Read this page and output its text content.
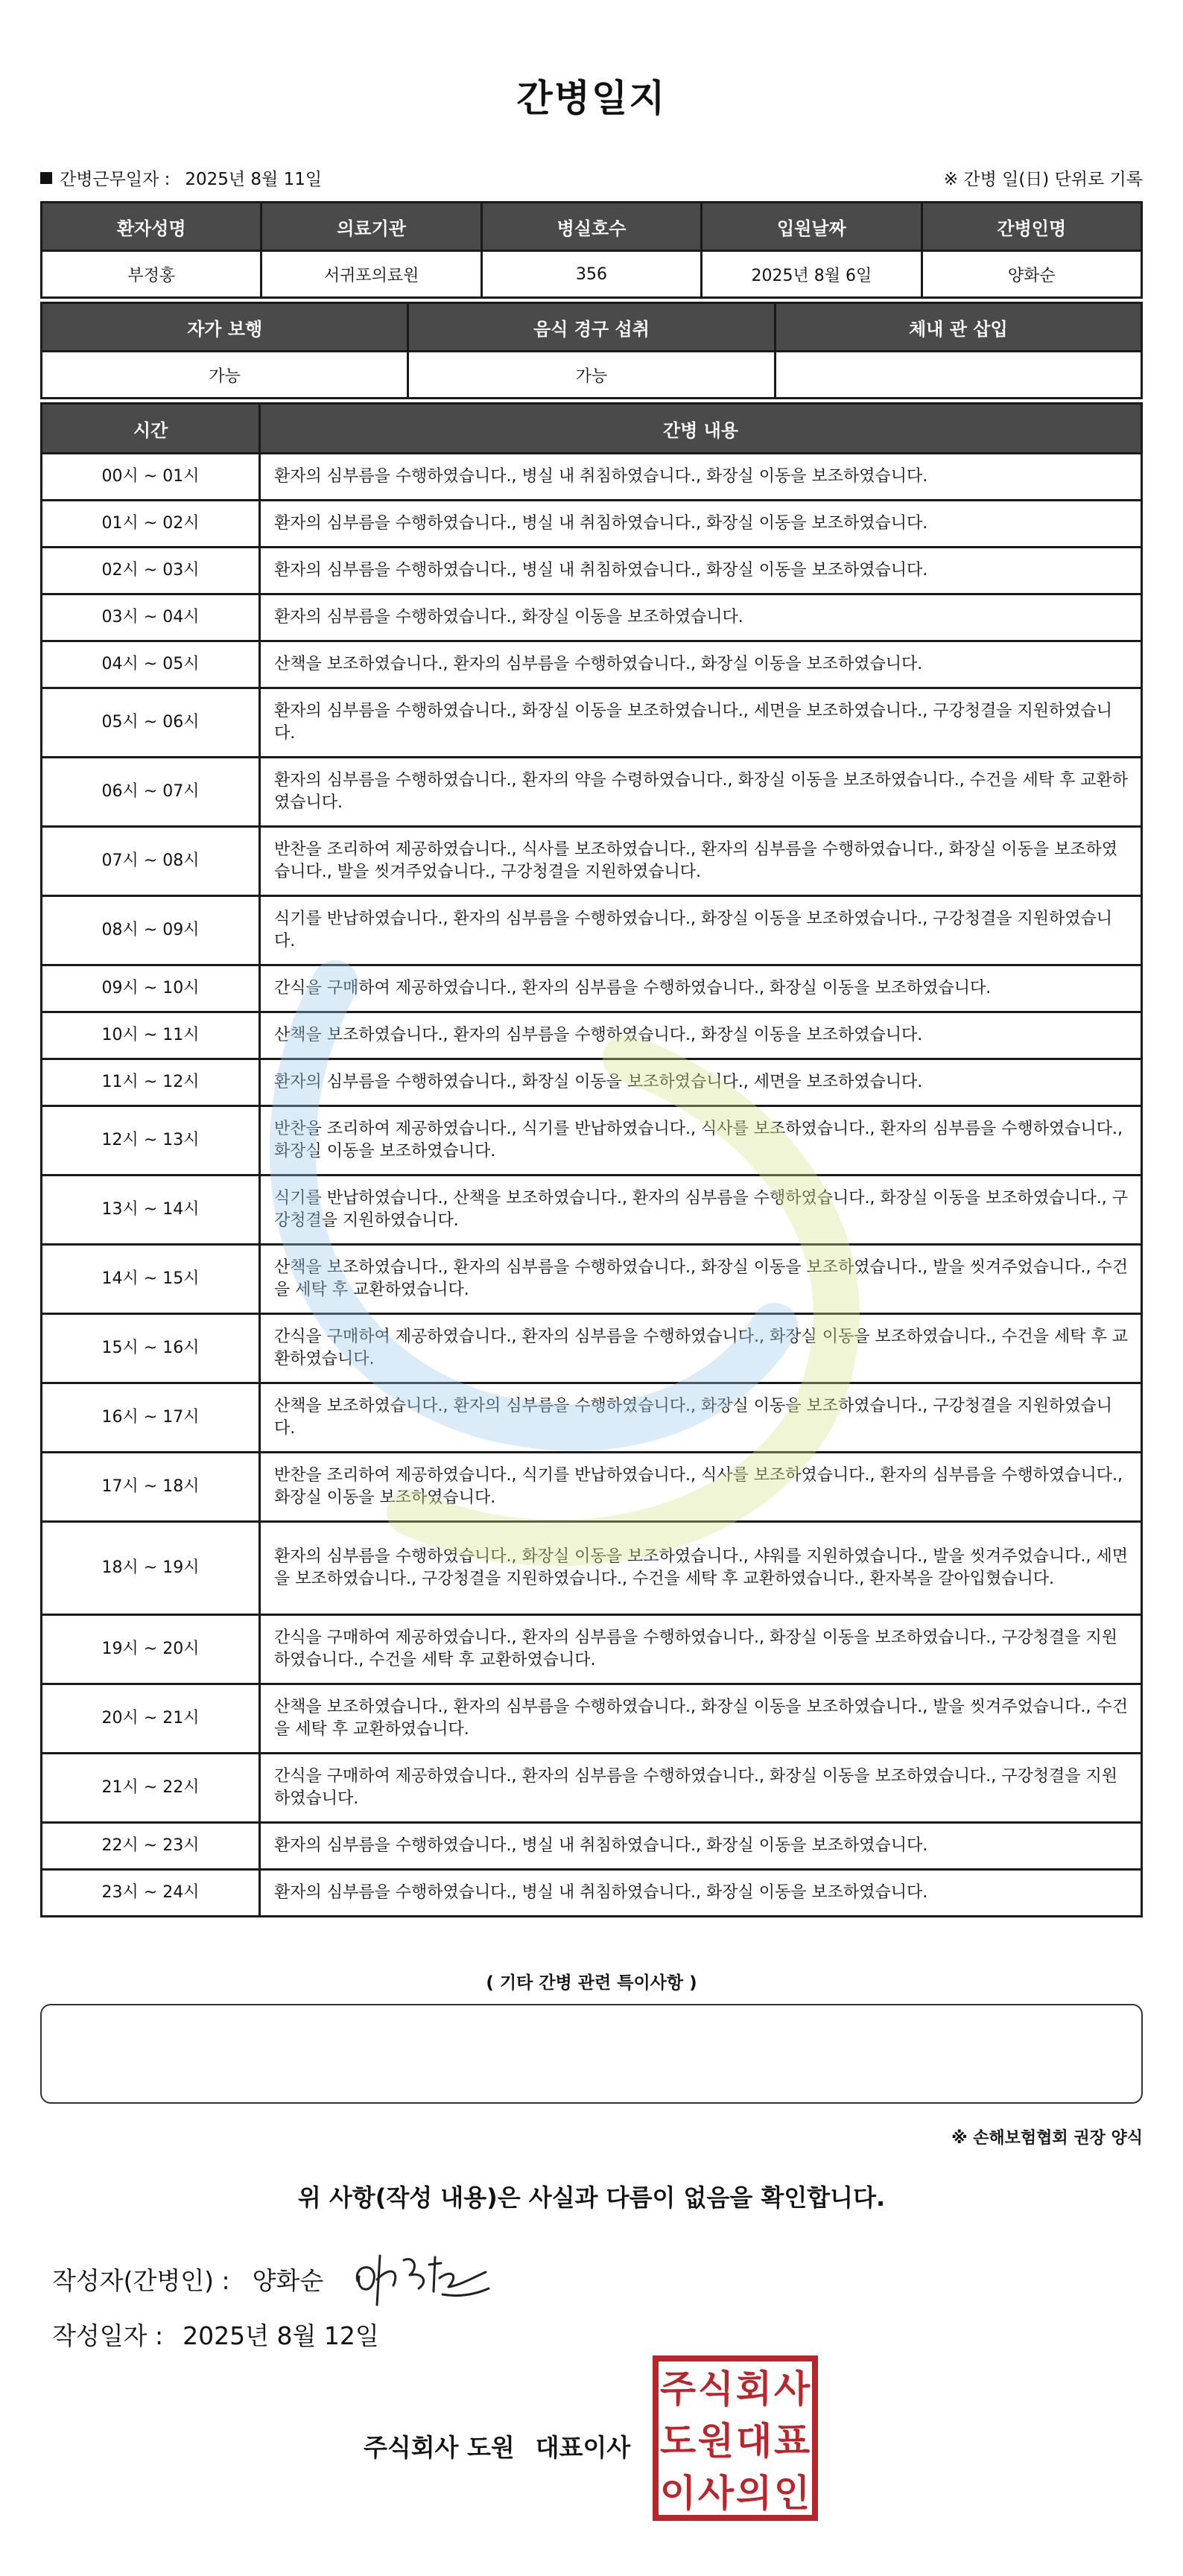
간병일지
간병근무일자 : 2025년 8월 11일	※ 간병 일(日) 단위로 기록
환자성명	의료기관	병실호수	입원날짜	간병인명
부정홍	서귀포의료원	356	2025년 8월 6일	양화순
자가 보행	음식 경구 섭취	체내 관 삽입
가능	가능	
시간	간병 내용
00시 ~ 01시	환자의 심부름을 수행하였습니다., 병실 내 취침하였습니다., 화장실 이동을 보조하였습니다.
01시 ~ 02시	환자의 심부름을 수행하였습니다., 병실 내 취침하였습니다., 화장실 이동을 보조하였습니다.
02시 ~ 03시	환자의 심부름을 수행하였습니다., 병실 내 취침하였습니다., 화장실 이동을 보조하였습니다.
03시 ~ 04시	환자의 심부름을 수행하였습니다., 화장실 이동을 보조하였습니다.
04시 ~ 05시	산책을 보조하였습니다., 환자의 심부름을 수행하였습니다., 화장실 이동을 보조하였습니다.
05시 ~ 06시	환자의 심부름을 수행하였습니다., 화장실 이동을 보조하였습니다., 세면을 보조하였습니다., 구강청결을 지원하였습니다.
06시 ~ 07시	환자의 심부름을 수행하였습니다., 환자의 약을 수령하였습니다., 화장실 이동을 보조하였습니다., 수건을 세탁 후 교환하였습니다.
07시 ~ 08시	반찬을 조리하여 제공하였습니다., 식사를 보조하였습니다., 환자의 심부름을 수행하였습니다., 화장실 이동을 보조하였습니다., 발을 씻겨주었습니다., 구강청결을 지원하였습니다.
08시 ~ 09시	식기를 반납하였습니다., 환자의 심부름을 수행하였습니다., 화장실 이동을 보조하였습니다., 구강청결을 지원하였습니다.
09시 ~ 10시	간식을 구매하여 제공하였습니다., 환자의 심부름을 수행하였습니다., 화장실 이동을 보조하였습니다.
10시 ~ 11시	산책을 보조하였습니다., 환자의 심부름을 수행하였습니다., 화장실 이동을 보조하였습니다.
11시 ~ 12시	환자의 심부름을 수행하였습니다., 화장실 이동을 보조하였습니다., 세면을 보조하였습니다.
12시 ~ 13시	반찬을 조리하여 제공하였습니다., 식기를 반납하였습니다., 식사를 보조하였습니다., 환자의 심부름을 수행하였습니다., 화장실 이동을 보조하였습니다.
13시 ~ 14시	식기를 반납하였습니다., 산책을 보조하였습니다., 환자의 심부름을 수행하였습니다., 화장실 이동을 보조하였습니다., 구강청결을 지원하였습니다.
14시 ~ 15시	산책을 보조하였습니다., 환자의 심부름을 수행하였습니다., 화장실 이동을 보조하였습니다., 발을 씻겨주었습니다., 수건을 세탁 후 교환하였습니다.
15시 ~ 16시	간식을 구매하여 제공하였습니다., 환자의 심부름을 수행하였습니다., 화장실 이동을 보조하였습니다., 수건을 세탁 후 교환하였습니다.
16시 ~ 17시	산책을 보조하였습니다., 환자의 심부름을 수행하였습니다., 화장실 이동을 보조하였습니다., 구강청결을 지원하였습니다.
17시 ~ 18시	반찬을 조리하여 제공하였습니다., 식기를 반납하였습니다., 식사를 보조하였습니다., 환자의 심부름을 수행하였습니다., 화장실 이동을 보조하였습니다.
18시 ~ 19시	환자의 심부름을 수행하였습니다., 화장실 이동을 보조하였습니다., 샤워를 지원하였습니다., 발을 씻겨주었습니다., 세면을 보조하였습니다., 구강청결을 지원하였습니다., 수건을 세탁 후 교환하였습니다., 환자복을 갈아입혔습니다.
19시 ~ 20시	간식을 구매하여 제공하였습니다., 환자의 심부름을 수행하였습니다., 화장실 이동을 보조하였습니다., 구강청결을 지원하였습니다., 수건을 세탁 후 교환하였습니다.
20시 ~ 21시	산책을 보조하였습니다., 환자의 심부름을 수행하였습니다., 화장실 이동을 보조하였습니다., 발을 씻겨주었습니다., 수건을 세탁 후 교환하였습니다.
21시 ~ 22시	간식을 구매하여 제공하였습니다., 환자의 심부름을 수행하였습니다., 화장실 이동을 보조하였습니다., 구강청결을 지원하였습니다.
22시 ~ 23시	환자의 심부름을 수행하였습니다., 병실 내 취침하였습니다., 화장실 이동을 보조하였습니다.
23시 ~ 24시	환자의 심부름을 수행하였습니다., 병실 내 취침하였습니다., 화장실 이동을 보조하였습니다.
( 기타 간병 관련 특이사항 )
※ 손해보험협회 권장 양식
위 사항(작성 내용)은 사실과 다름이 없음을 확인합니다.
작성자(간병인) : 양화순
작성일자 : 2025년 8월 12일
주식회사 도원 대표이사
주 식 회 사
도 원 대 표
이 사 의 인
